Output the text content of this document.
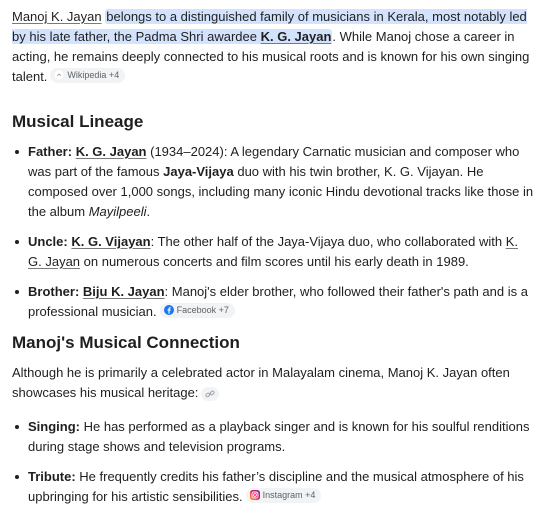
Manoj K. Jayan belongs to a distinguished family of musicians in Kerala, most notably led by his late father, the Padma Shri awardee K. G. Jayan. While Manoj chose a career in acting, he remains deeply connected to his musical roots and is known for his own singing talent. Wikipedia +4

Musical Lineage
Father: K. G. Jayan (1934–2024): A legendary Carnatic musician and composer who was part of the famous Jaya-Vijaya duo with his twin brother, K. G. Vijayan. He composed over 1,000 songs, including many iconic Hindu devotional tracks like those in the album Mayilpeeli.
Uncle: K. G. Vijayan: The other half of the Jaya-Vijaya duo, who collaborated with K. G. Jayan on numerous concerts and film scores until his early death in 1989.
Brother: Biju K. Jayan: Manoj's elder brother, who followed their father's path and is a professional musician. Facebook +7
Manoj's Musical Connection

Although he is primarily a celebrated actor in Malayalam cinema, Manoj K. Jayan often showcases his musical heritage:

Singing: He has performed as a playback singer and is known for his soulful renditions during stage shows and television programs.
Tribute: He frequently credits his father’s discipline and the musical atmosphere of his upbringing for his artistic sensibilities. Instagram +4
